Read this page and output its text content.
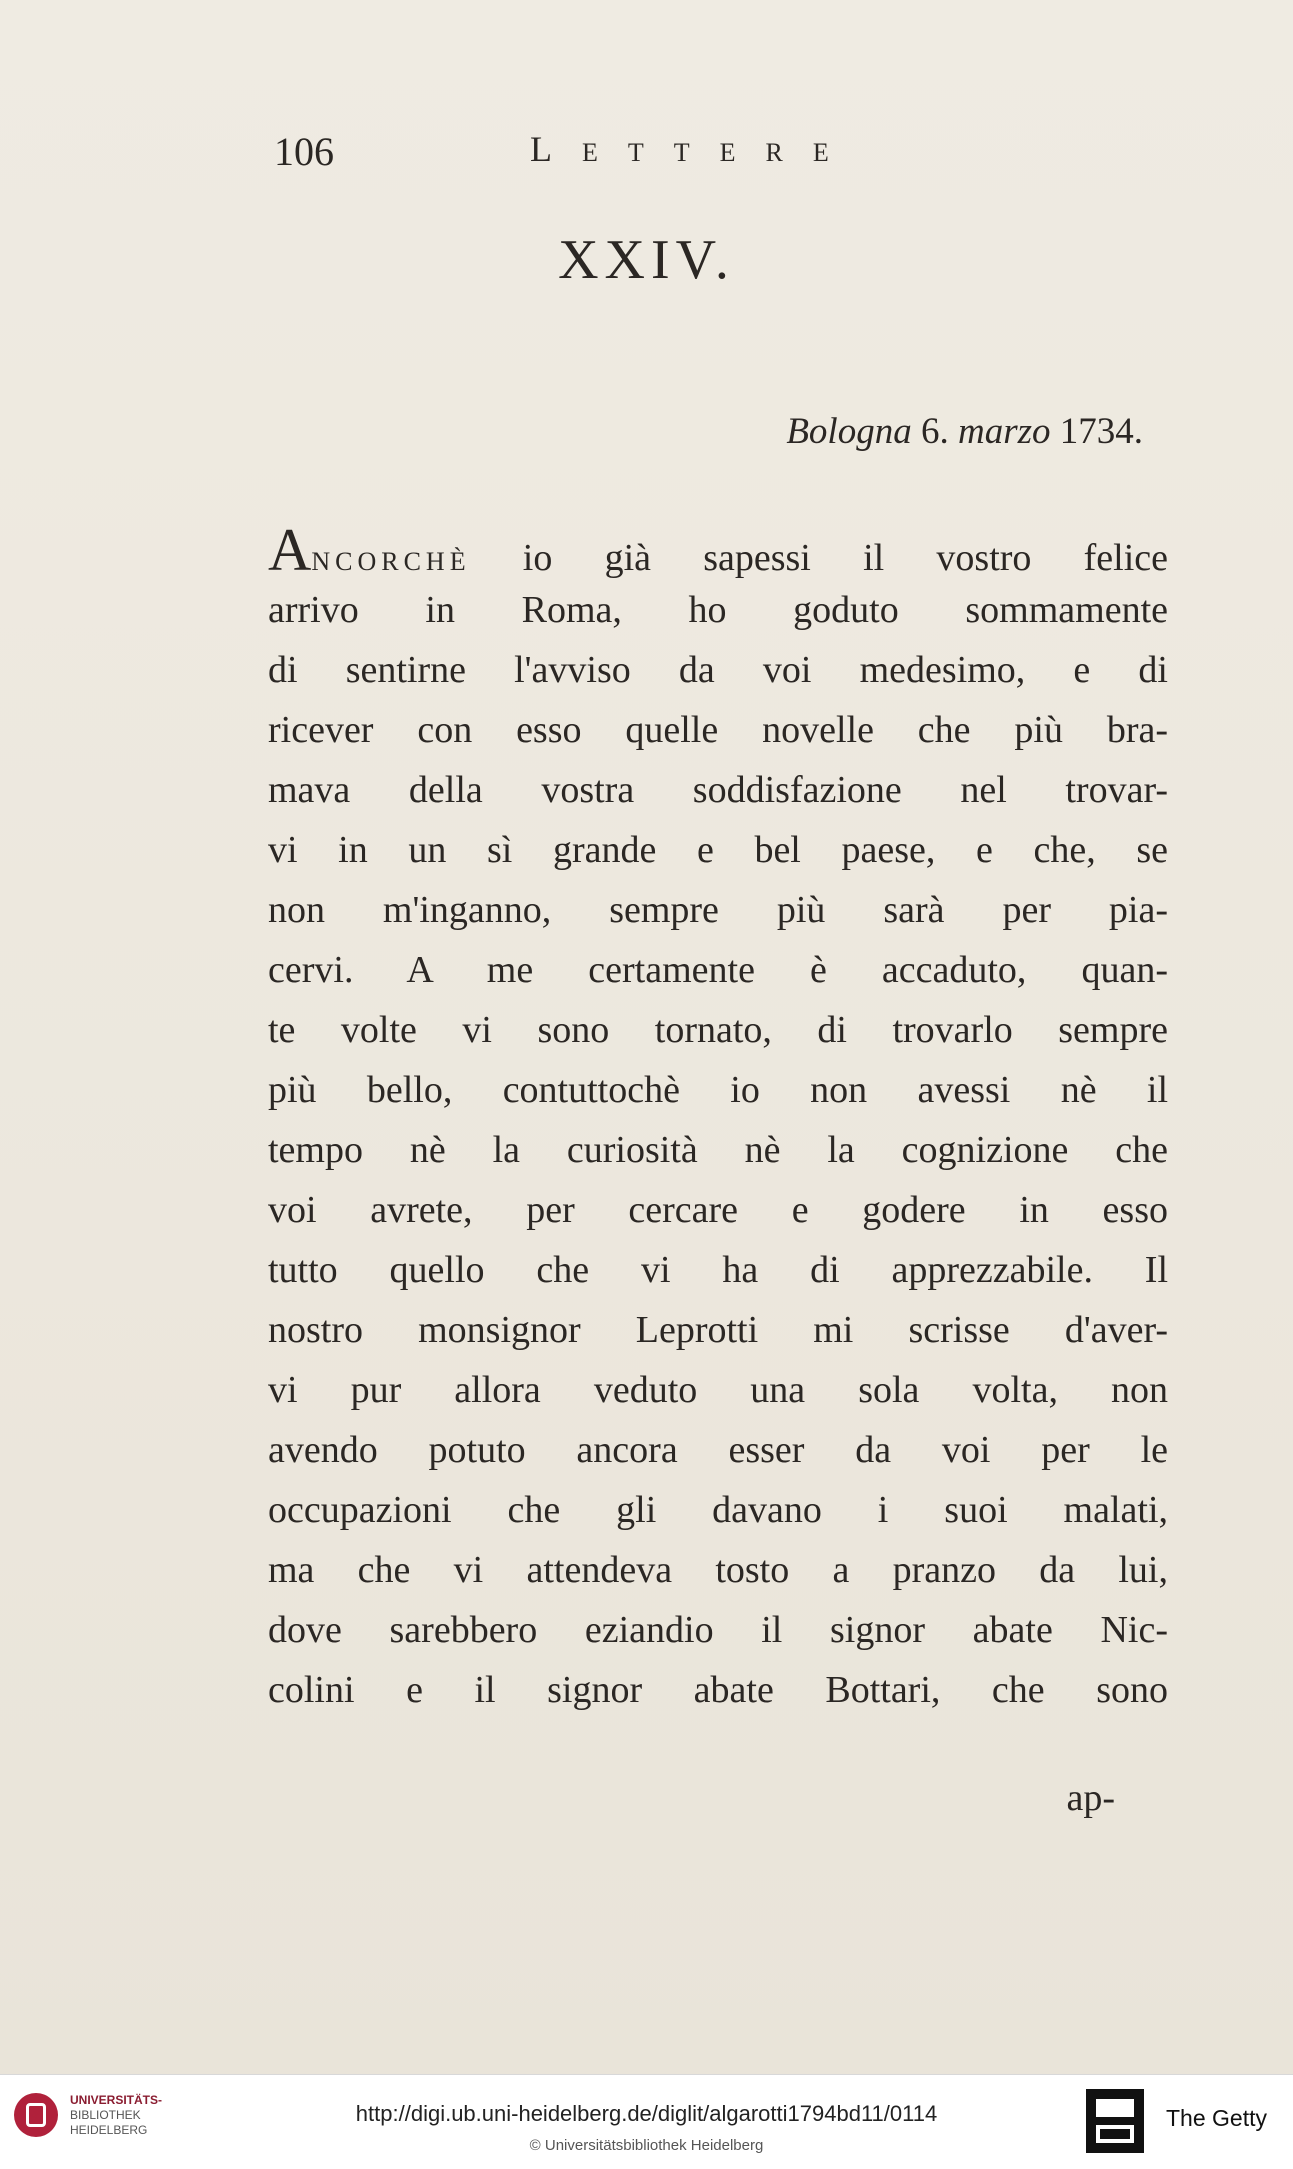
106	LETTERE
XXIV.
Bologna 6. marzo 1734.
ANCORCHÈ io già sapessi il vostro felice
arrivo in Roma, ho goduto sommamente
di sentirne l'avviso da voi medesimo, e di
ricever con esso quelle novelle che più bra-
mava della vostra soddisfazione nel trovar-
vi in un sì grande e bel paese, e che, se
non m'inganno, sempre più sarà per pia-
cervi. A me certamente è accaduto, quan-
te volte vi sono tornato, di trovarlo sempre
più bello, contuttochè io non avessi nè il
tempo nè la curiosità nè la cognizione che
voi avrete, per cercare e godere in esso
tutto quello che vi ha di apprezzabile. Il
nostro monsignor Leprotti mi scrisse d'aver-
vi pur allora veduto una sola volta, non
avendo potuto ancora esser da voi per le
occupazioni che gli davano i suoi malati,
ma che vi attendeva tosto a pranzo da lui,
dove sarebbero eziandio il signor abate Nic-
colini e il signor abate Bottari, che sono
ap-
UNIVERSITÄTS-
BIBLIOTHEK
HEIDELBERG
http://digi.ub.uni-heidelberg.de/diglit/algarotti1794bd11/0114
© Universitätsbibliothek Heidelberg
The Getty
